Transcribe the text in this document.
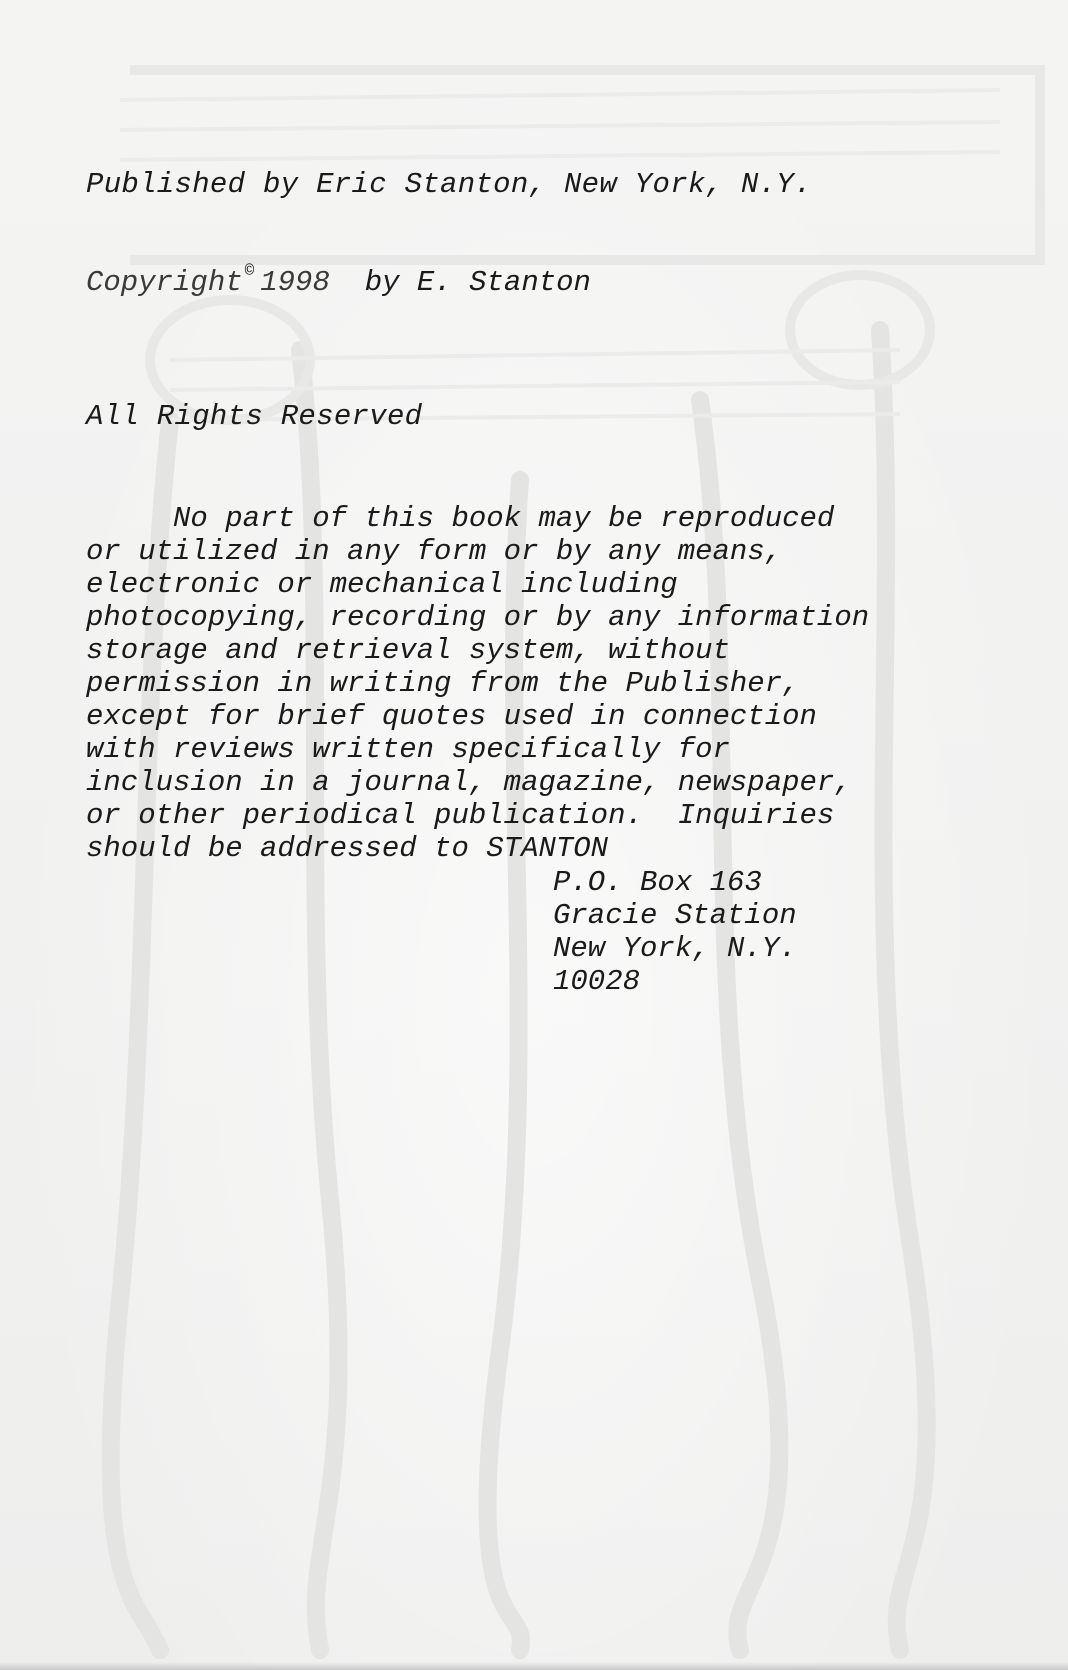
Published by Eric Stanton, New York, N.Y.

Copyright © 1998 by E. Stanton

All Rights Reserved

No part of this book may be reproduced
or utilized in any form or by any means,
electronic or mechanical including
photocopying, recording or by any information
storage and retrieval system, without
permission in writing from the Publisher,
except for brief quotes used in connection
with reviews written specifically for
inclusion in a journal, magazine, newspaper,
or other periodical publication.  Inquiries
should be addressed to STANTON
P.O. Box 163
Gracie Station
New York, N.Y.
10028
